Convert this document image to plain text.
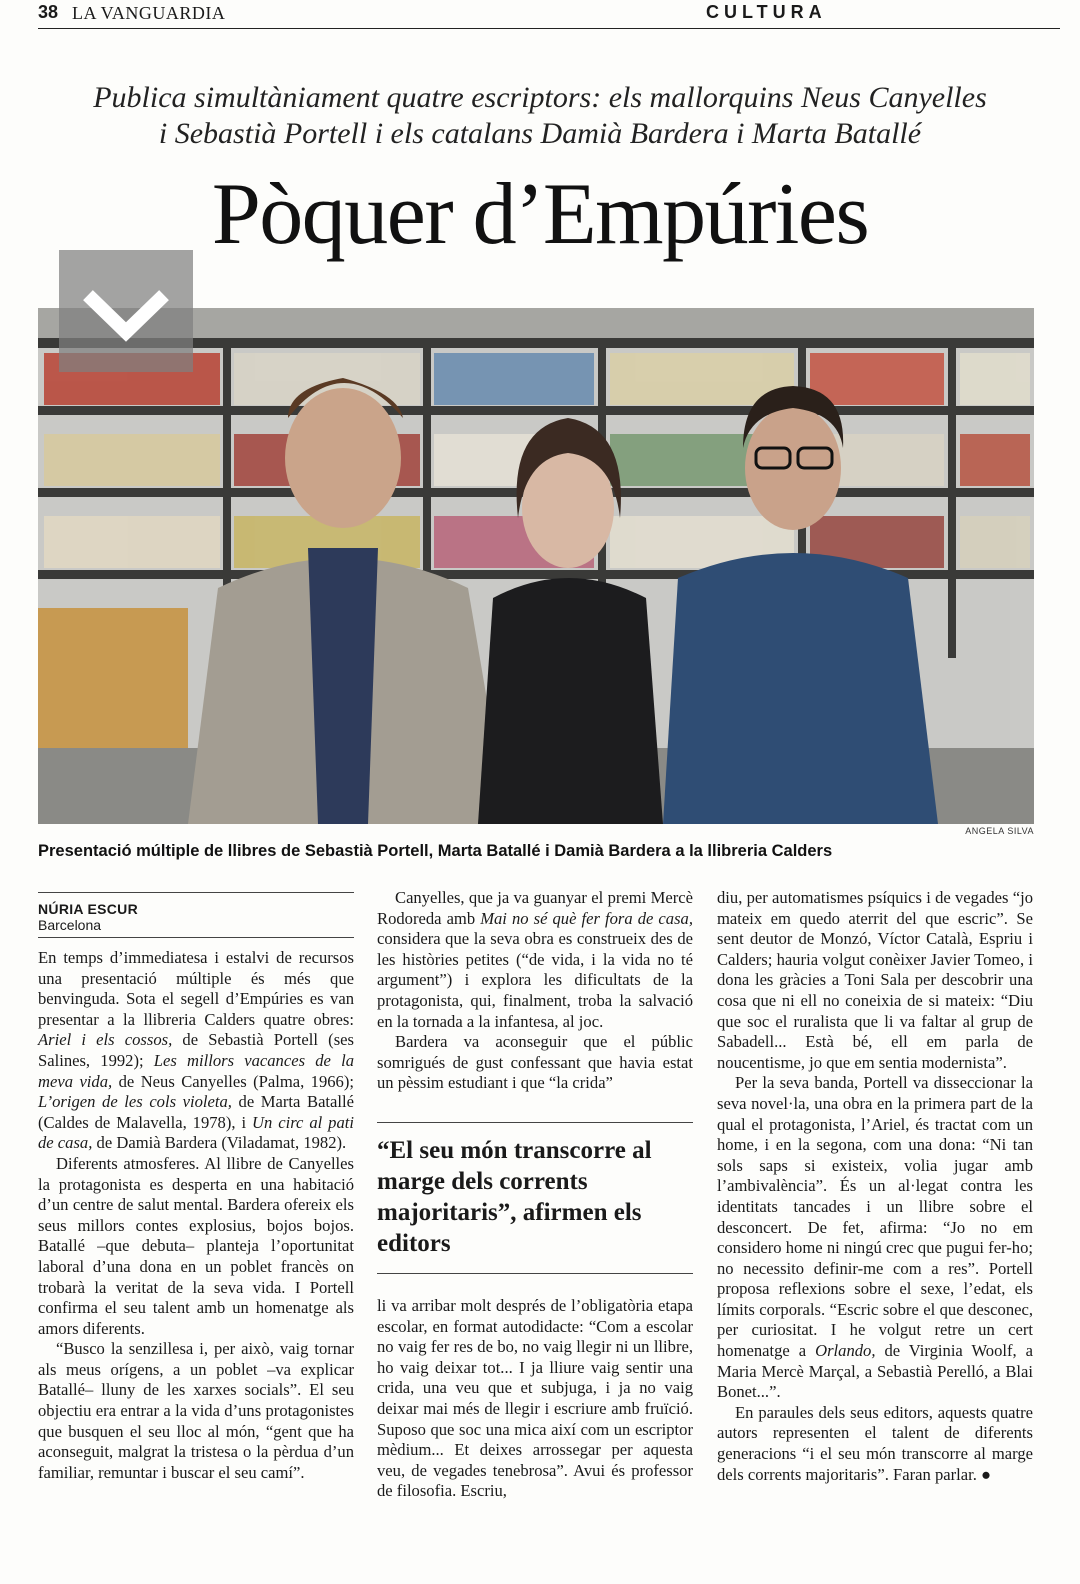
38 LA VANGUARDIA	CULTURA
Publica simultàniament quatre escriptors: els mallorquins Neus Canyelles
i Sebastià Portell i els catalans Damià Bardera i Marta Batallé
Pòquer d’Empúries
ANGELA SILVA
Presentació múltiple de llibres de Sebastià Portell, Marta Batallé i Damià Bardera a la llibreria Calders
NÚRIA ESCUR
Barcelona

En temps d’immediatesa i estalvi de recursos una presentació múltiple és més que benvinguda. Sota el segell d’Empúries es van presentar a la llibreria Calders quatre obres: Ariel i els cossos, de Sebastià Portell (ses Salines, 1992); Les millors vacances de la meva vida, de Neus Canyelles (Palma, 1966); L’origen de les cols violeta, de Marta Batallé (Caldes de Malavella, 1978), i Un circ al pati de casa, de Damià Bardera (Viladamat, 1982).

Diferents atmosferes. Al llibre de Canyelles la protagonista es desperta en una habitació d’un centre de salut mental. Bardera ofereix els seus millors contes explosius, bojos bojos. Batallé –que debuta– planteja l’oportunitat laboral d’una dona en un poblet francès on trobarà la veritat de la seva vida. I Portell confirma el seu talent amb un homenatge als amors diferents.

“Busco la senzillesa i, per això, vaig tornar als meus orígens, a un poblet –va explicar Batallé– lluny de les xarxes socials”. El seu objectiu era entrar a la vida d’uns protagonistes que busquen el seu lloc al món, “gent que ha aconseguit, malgrat la tristesa o la pèrdua d’un familiar, remuntar i buscar el seu camí”.

Canyelles, que ja va guanyar el premi Mercè Rodoreda amb Mai no sé què fer fora de casa, considera que la seva obra es construeix des de les històries petites (“de vida, i la vida no té argument”) i explora les dificultats de la protagonista, qui, finalment, troba la salvació en la tornada a la infantesa, al joc.

Bardera va aconseguir que el públic somrigués de gust confessant que havia estat un pèssim estudiant i que “la crida”

“El seu món transcorre al marge dels corrents majoritaris”, afirmen els editors

li va arribar molt després de l’obligatòria etapa escolar, en format autodidacte: “Com a escolar no vaig fer res de bo, no vaig llegir ni un llibre, ho vaig deixar tot... I ja lliure vaig sentir una crida, una veu que et subjuga, i ja no vaig deixar mai més de llegir i escriure amb fruïció. Suposo que soc una mica així com un escriptor mèdium... Et deixes arrossegar per aquesta veu, de vegades tenebrosa”. Avui és professor de filosofia. Escriu,

diu, per automatismes psíquics i de vegades “jo mateix em quedo aterrit del que escric”. Se sent deutor de Monzó, Víctor Català, Espriu i Calders; hauria volgut conèixer Javier Tomeo, i dona les gràcies a Toni Sala per descobrir una cosa que ni ell no coneixia de si mateix: “Diu que soc el ruralista que li va faltar al grup de Sabadell... Està bé, ell em parla de noucentisme, jo que em sentia modernista”.

Per la seva banda, Portell va disseccionar la seva novel·la, una obra en la primera part de la qual el protagonista, l’Ariel, és tractat com un home, i en la segona, com una dona: “Ni tan sols saps si existeix, volia jugar amb l’ambivalència”. És un al·legat contra les identitats tancades i un llibre sobre el desconcert. De fet, afirma: “Jo no em considero home ni ningú crec que pugui fer-ho; no necessito definir-me com a res”. Portell proposa reflexions sobre el sexe, l’edat, els límits corporals. “Escric sobre el que desconec, per curiositat. I he volgut retre un cert homenatge a Orlando, de Virginia Woolf, a Maria Mercè Marçal, a Sebastià Perelló, a Blai Bonet...”.

En paraules dels seus editors, aquests quatre autors representen el talent de diferents generacions “i el seu món transcorre al marge dels corrents majoritaris”. Faran parlar. ●
